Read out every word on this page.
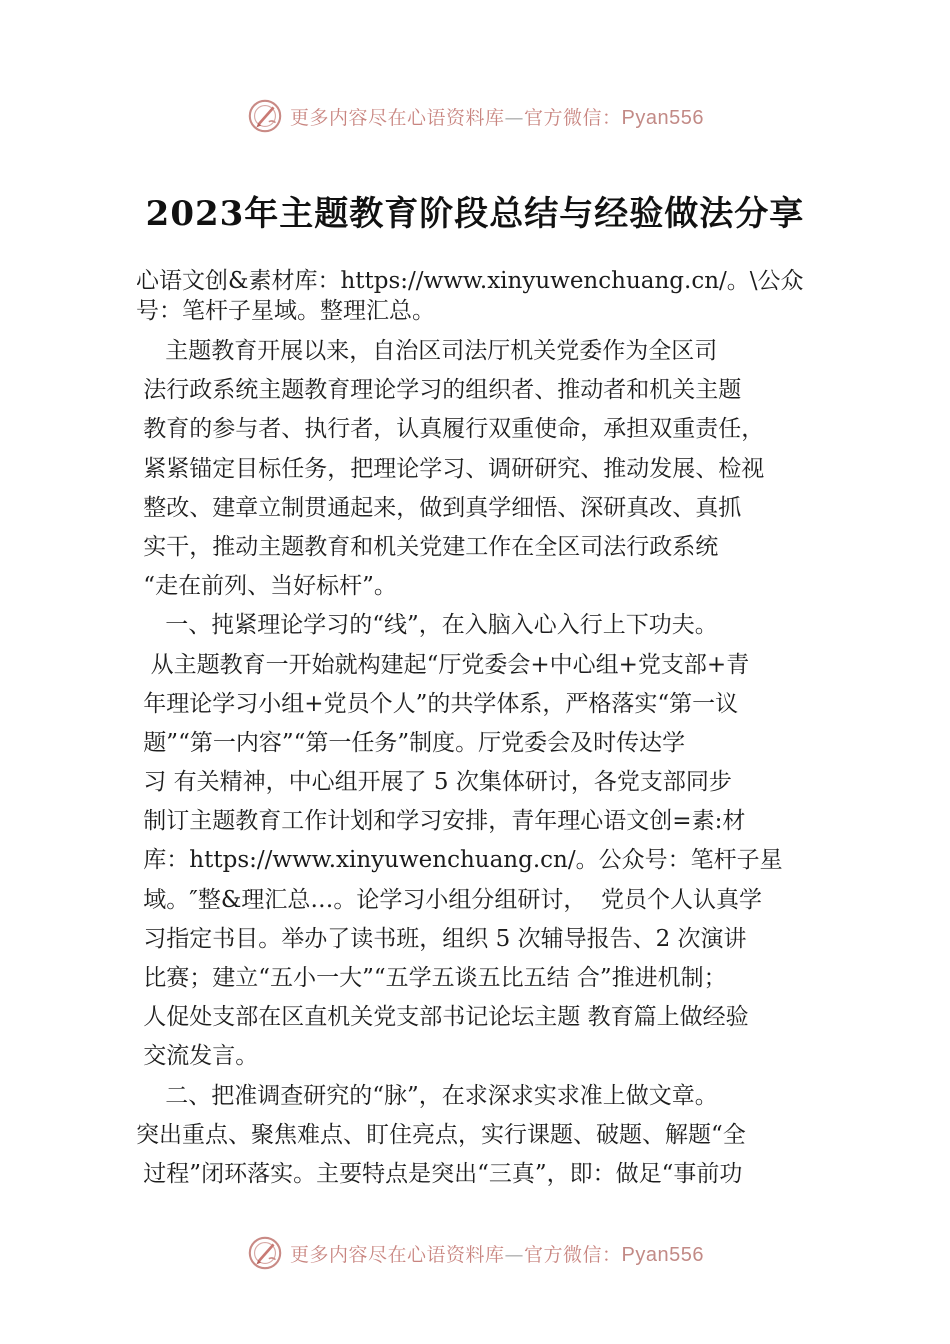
更多内容尽在心语资料库—官方微信：Pyan556
2023年主题教育阶段总结与经验做法分享
心语文创&素材库：https://www.xinyuwenchuang.cn/。\公众
号：笔杆子星域。整理汇总。
主题教育开展以来，自治区司法厅机关党委作为全区司
法行政系统主题教育理论学习的组织者、推动者和机关主题
教育的参与者、执行者，认真履行双重使命，承担双重责任，
紧紧锚定目标任务，把理论学习、调研研究、推动发展、检视
整改、建章立制贯通起来，做到真学细悟、深研真改、真抓
实干，推动主题教育和机关党建工作在全区司法行政系统
“走在前列、当好标杆”。
一、扽紧理论学习的“线”，在入脑入心入行上下功夫。
从主题教育一开始就构建起“厅党委会+中心组+党支部+青
年理论学习小组+党员个人”的共学体系，严格落实“第一议
题”“第一内容”“第一任务”制度。厅党委会及时传达学
习 有关精神，中心组开展了 5 次集体研讨，各党支部同步
制订主题教育工作计划和学习安排，青年理心语文创=素:材
库：https://www.xinyuwenchuang.cn/。公众号：笔杆子星
域。″整&理汇总…。论学习小组分组研讨，  党员个人认真学
习指定书目。举办了读书班，组织 5 次辅导报告、2 次演讲
比赛；建立“五小一大”“五学五谈五比五结 合”推进机制；
人促处支部在区直机关党支部书记论坛主题 教育篇上做经验
交流发言。
二、把准调查研究的“脉”，在求深求实求准上做文章。
突出重点、聚焦难点、盯住亮点，实行课题、破题、解题“全
过程”闭环落实。主要特点是突出“三真”，即：做足“事前功
更多内容尽在心语资料库—官方微信：Pyan556
